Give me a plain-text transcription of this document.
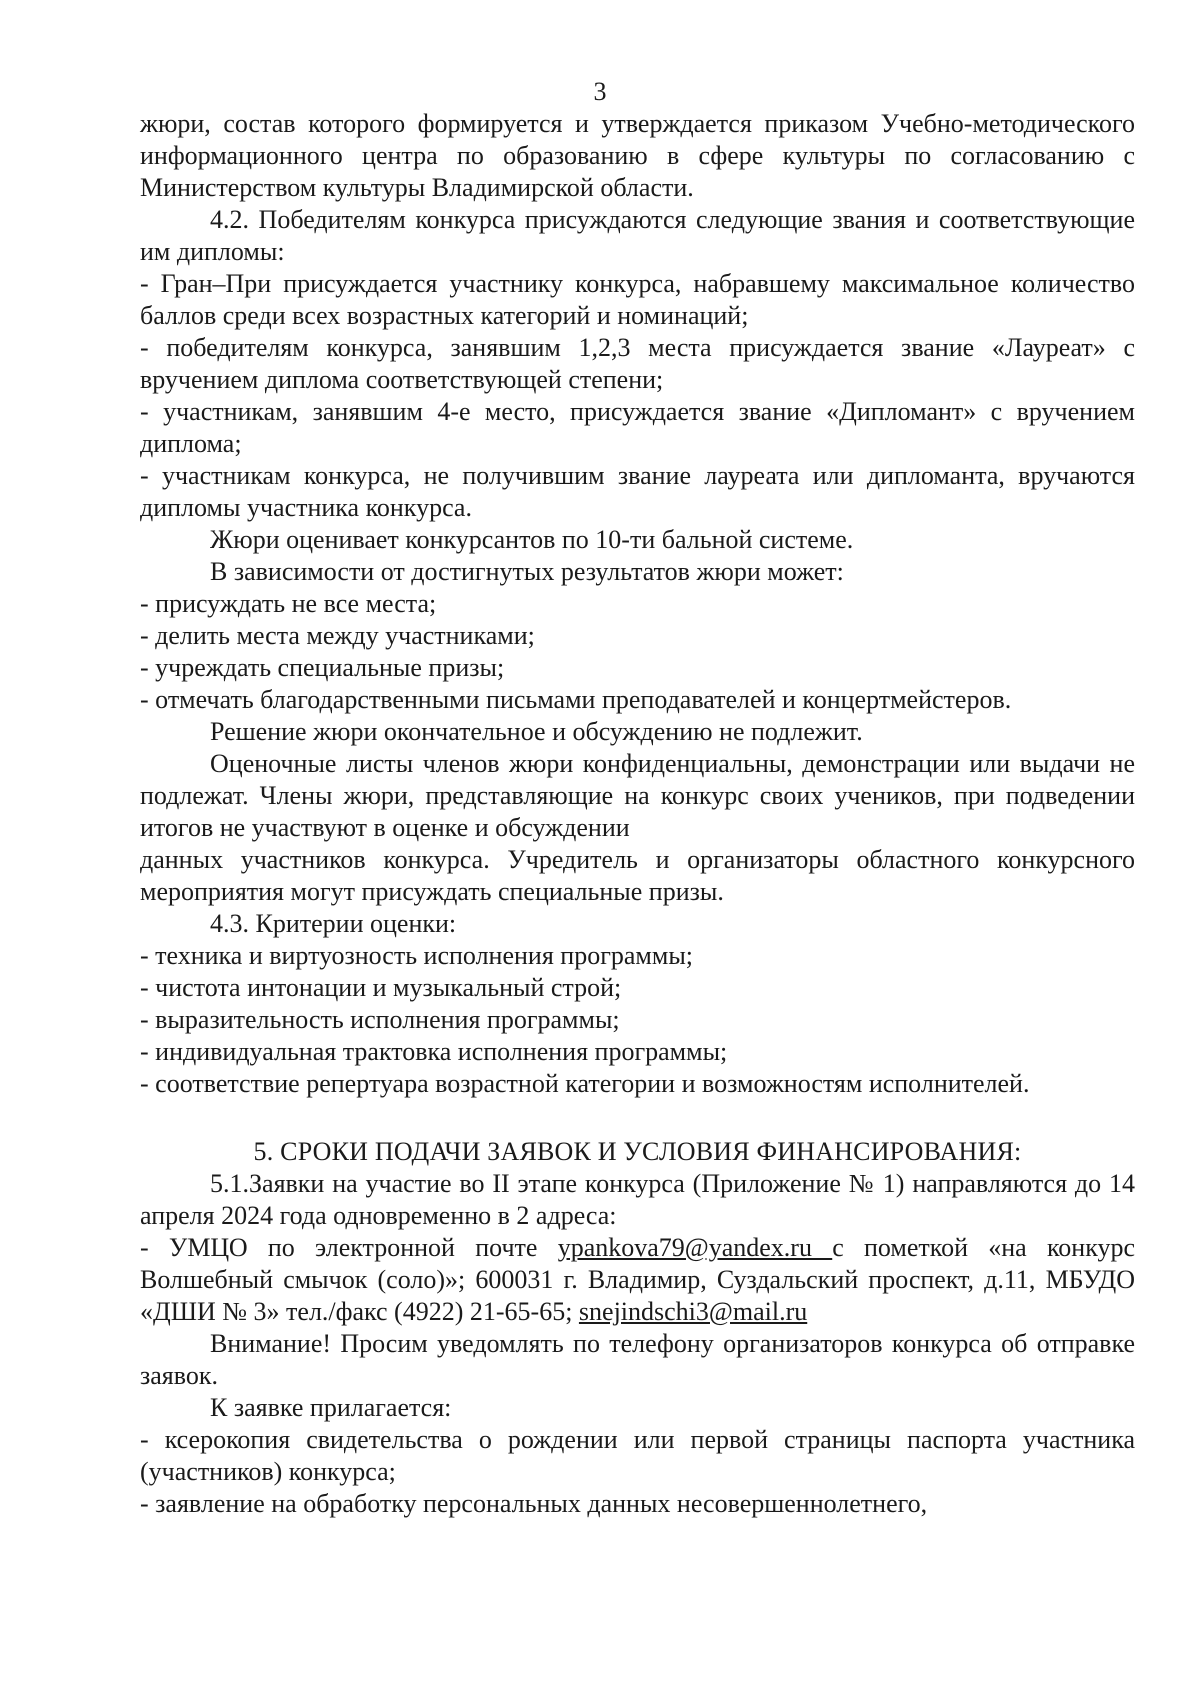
3

жюри, состав которого формируется и утверждается приказом Учебно-методического информационного центра по образованию в сфере культуры по согласованию с Министерством культуры Владимирской области.

4.2. Победителям конкурса присуждаются следующие звания и соответствующие им дипломы:

- Гран–При присуждается участнику конкурса, набравшему максимальное количество баллов среди всех возрастных категорий и номинаций;

- победителям конкурса, занявшим 1,2,3 места присуждается звание «Лауреат» с вручением диплома соответствующей степени;

- участникам, занявшим 4-е место, присуждается звание «Дипломант» с вручением диплома;

- участникам конкурса, не получившим звание лауреата или дипломанта, вручаются дипломы участника конкурса.

Жюри оценивает конкурсантов по 10-ти бальной системе.

В зависимости от достигнутых результатов жюри может:

- присуждать не все места;

- делить места между участниками;

- учреждать специальные призы;

- отмечать благодарственными письмами преподавателей и концертмейстеров.

Решение жюри окончательное и обсуждению не подлежит.

Оценочные листы членов жюри конфиденциальны, демонстрации или выдачи не подлежат. Члены жюри, представляющие на конкурс своих учеников, при подведении итогов не участвуют в оценке и обсуждении

данных участников конкурса. Учредитель и организаторы областного конкурсного мероприятия могут присуждать специальные призы.

4.3. Критерии оценки:

- техника и виртуозность исполнения программы;

- чистота интонации и музыкальный строй;

- выразительность исполнения программы;

- индивидуальная трактовка исполнения программы;

- соответствие репертуара возрастной категории и возможностям исполнителей.

5. СРОКИ ПОДАЧИ ЗАЯВОК И УСЛОВИЯ ФИНАНСИРОВАНИЯ:

5.1.Заявки на участие во II этапе конкурса (Приложение № 1) направляются до 14 апреля 2024 года одновременно в 2 адреса:

- УМЦО по электронной почте ypankova79@yandex.ru с пометкой «на конкурс Волшебный смычок (соло)»; 600031 г. Владимир, Суздальский проспект, д.11, МБУДО «ДШИ № 3» тел./факс (4922) 21-65-65; snejindschi3@mail.ru

Внимание! Просим уведомлять по телефону организаторов конкурса об отправке заявок.

К заявке прилагается:

- ксерокопия свидетельства о рождении или первой страницы паспорта участника (участников) конкурса;

- заявление на обработку персональных данных несовершеннолетнего,
